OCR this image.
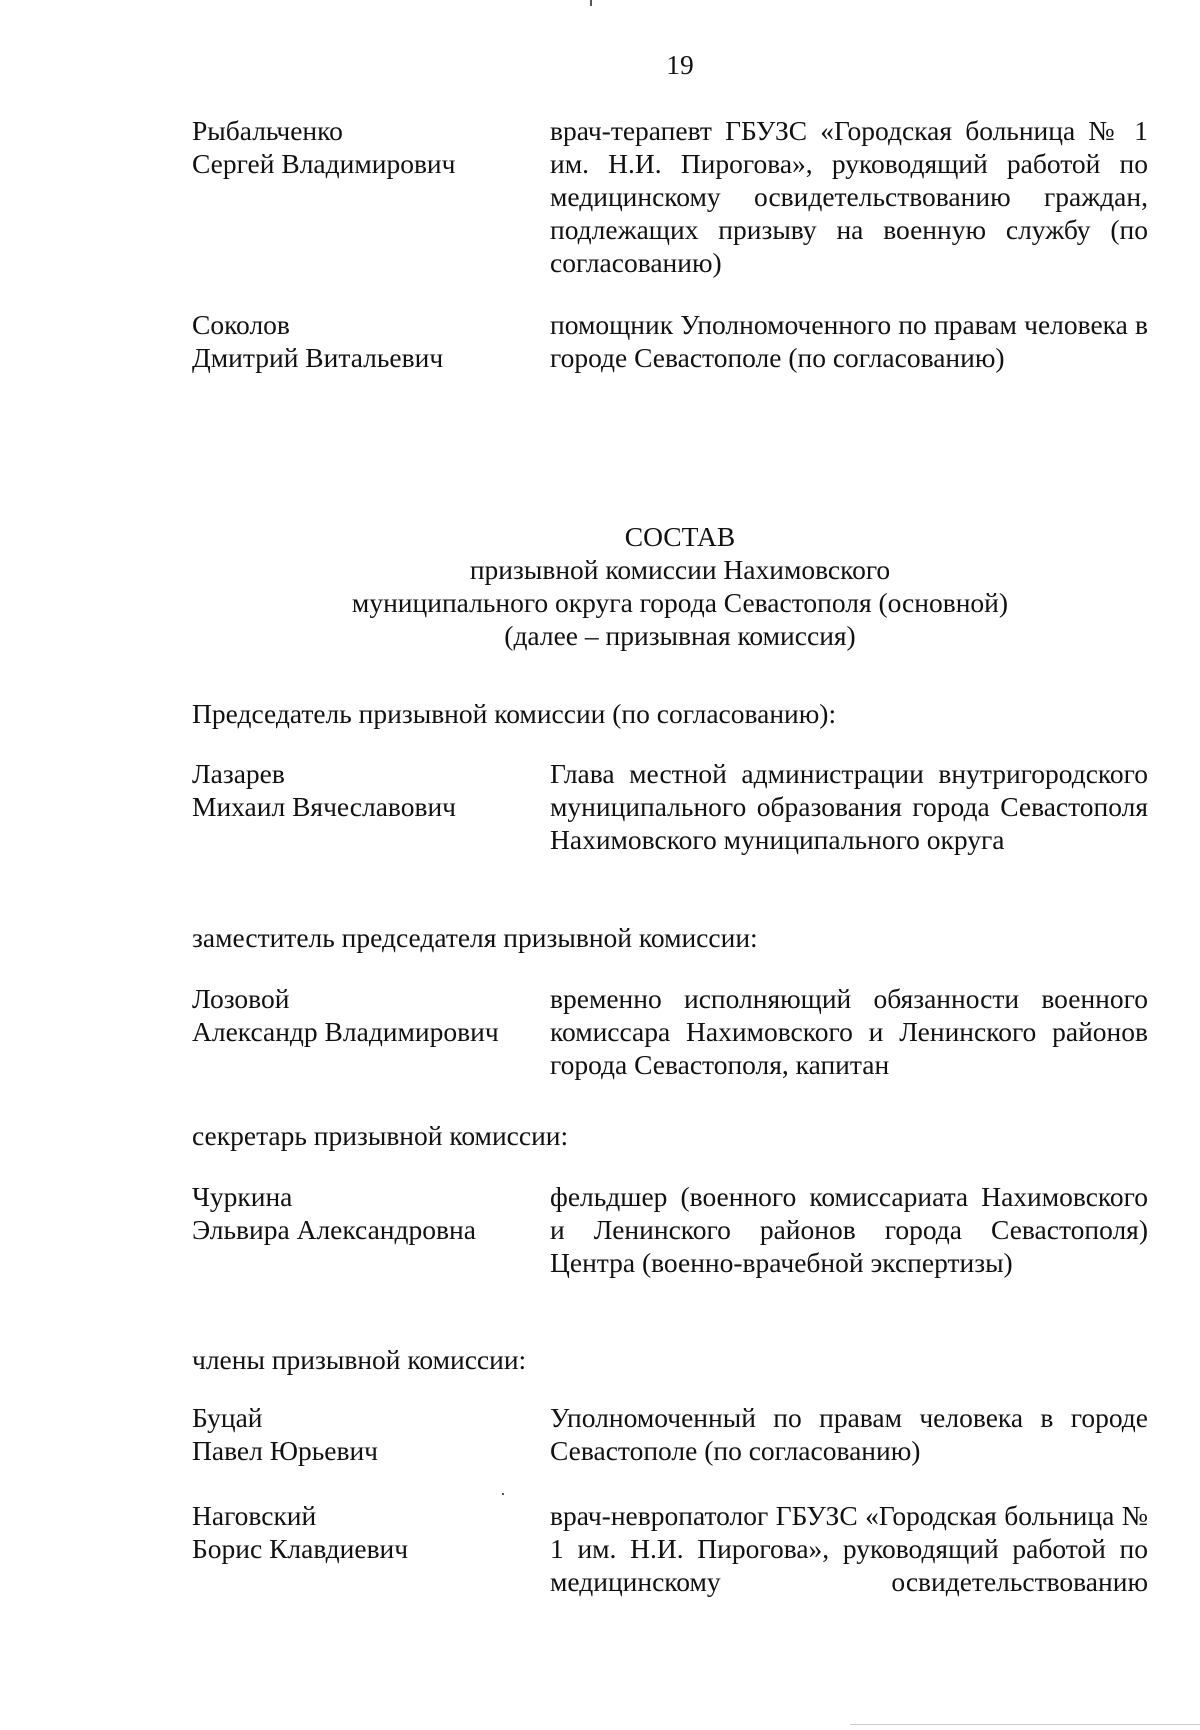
19
Рыбальченко
Сергей Владимирович
врач-терапевт ГБУЗС «Городская больница № 1 им. Н.И. Пирогова», руководящий работой по медицинскому освидетельствованию граждан, подлежащих призыву на военную службу (по согласованию)
Соколов
Дмитрий Витальевич
помощник Уполномоченного по правам человека в городе Севастополе (по согласованию)
СОСТАВ
призывной комиссии Нахимовского
муниципального округа города Севастополя (основной)
(далее – призывная комиссия)
Председатель призывной комиссии (по согласованию):
Лазарев
Михаил Вячеславович
Глава местной администрации внутригородского муниципального образования города Севастополя Нахимовского муниципального округа
заместитель председателя призывной комиссии:
Лозовой
Александр Владимирович
временно исполняющий обязанности военного комиссара Нахимовского и Ленинского районов города Севастополя, капитан
секретарь призывной комиссии:
Чуркина
Эльвира Александровна
фельдшер (военного комиссариата Нахимовского и Ленинского районов города Севастополя) Центра (военно-врачебной экспертизы)
члены призывной комиссии:
Буцай
Павел Юрьевич
Уполномоченный по правам человека в городе Севастополе (по согласованию)
Наговский
Борис Клавдиевич
врач-невропатолог ГБУЗС «Городская больница № 1 им. Н.И. Пирогова», руководящий работой по медицинскому освидетельствованию
